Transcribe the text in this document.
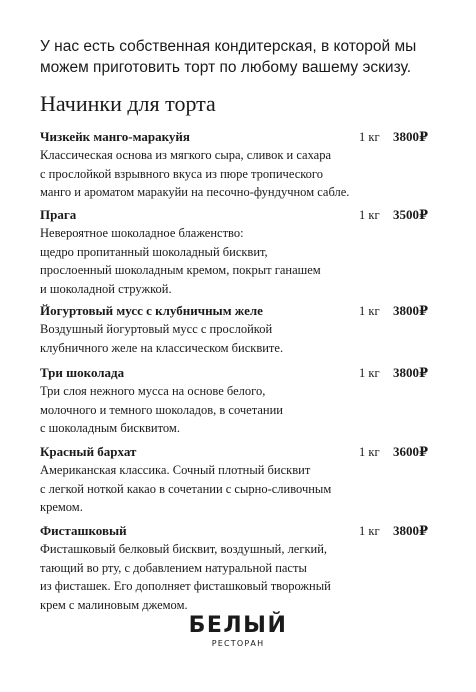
У нас есть собственная кондитерская, в которой мы можем приготовить торт по любому вашему эскизу.
Начинки для торта
Чизкейк манго-маракуйя
Классическая основа из мягкого сыра, сливок и сахара
с прослойкой взрывного вкуса из пюре тропического
манго и ароматом маракуйи на песочно-фундучном сабле.
1 кг 3800₽
Прага
Невероятное шоколадное блаженство:
щедро пропитанный шоколадный бисквит,
прослоенный шоколадным кремом, покрыт ганашем
и шоколадной стружкой.
1 кг 3500₽
Йогуртовый мусс с клубничным желе
Воздушный йогуртовый мусс с прослойкой
клубничного желе на классическом бисквите.
1 кг 3800₽
Три шоколада
Три слоя нежного мусса на основе белого,
молочного и темного шоколадов, в сочетании
с шоколадным бисквитом.
1 кг 3800₽
Красный бархат
Американская классика. Сочный плотный бисквит
с легкой ноткой какао в сочетании с сырно-сливочным
кремом.
1 кг 3600₽
Фисташковый
Фисташковый белковый бисквит, воздушный, легкий,
тающий во рту, с добавлением натуральной пасты
из фисташек. Его дополняет фисташковый творожный
крем с малиновым джемом.
1 кг 3800₽
БЕЛЫЙ
РЕСТОРАН
